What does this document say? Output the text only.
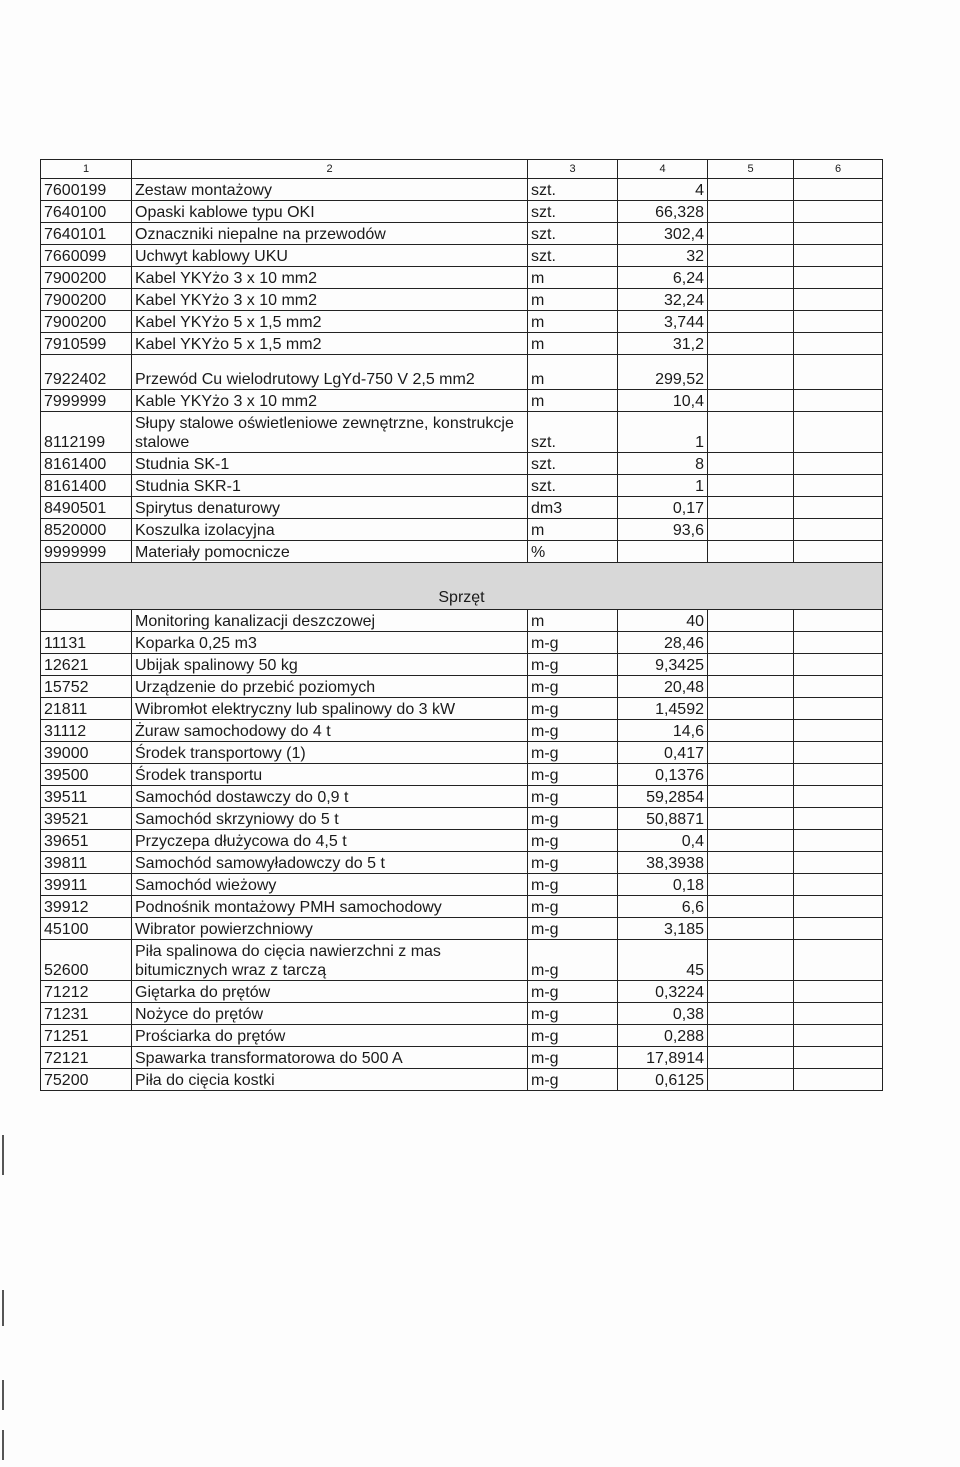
1	2	3	4	5	6
7600199	Zestaw montażowy	szt.	4		
7640100	Opaski kablowe typu OKI	szt.	66,328		
7640101	Oznaczniki niepalne na przewodów	szt.	302,4		
7660099	Uchwyt kablowy UKU	szt.	32		
7900200	Kabel YKYżo 3 x 10 mm2	m	6,24		
7900200	Kabel YKYżo 3 x 10 mm2	m	32,24		
7900200	Kabel YKYżo 5 x 1,5 mm2	m	3,744		
7910599	Kabel YKYżo 5 x 1,5 mm2	m	31,2		
7922402	Przewód Cu wielodrutowy LgYd-750 V 2,5 mm2	m	299,52		
7999999	Kable YKYżo 3 x 10 mm2	m	10,4		
8112199	Słupy stalowe oświetleniowe zewnętrzne, konstrukcje stalowe	szt.	1		
8161400	Studnia SK-1	szt.	8		
8161400	Studnia SKR-1	szt.	1		
8490501	Spirytus denaturowy	dm3	0,17		
8520000	Koszulka izolacyjna	m	93,6		
9999999	Materiały pomocnicze	%			
Sprzęt					
	Monitoring kanalizacji deszczowej	m	40		
11131	Koparka 0,25 m3	m-g	28,46		
12621	Ubijak spalinowy 50 kg	m-g	9,3425		
15752	Urządzenie do przebić poziomych	m-g	20,48		
21811	Wibromłot elektryczny lub spalinowy do 3 kW	m-g	1,4592		
31112	Żuraw samochodowy do 4 t	m-g	14,6		
39000	Środek transportowy (1)	m-g	0,417		
39500	Środek transportu	m-g	0,1376		
39511	Samochód dostawczy do 0,9 t	m-g	59,2854		
39521	Samochód skrzyniowy do 5 t	m-g	50,8871		
39651	Przyczepa dłużycowa do 4,5 t	m-g	0,4		
39811	Samochód samowyładowczy do 5 t	m-g	38,3938		
39911	Samochód wieżowy	m-g	0,18		
39912	Podnośnik montażowy PMH samochodowy	m-g	6,6		
45100	Wibrator powierzchniowy	m-g	3,185		
52600	Piła spalinowa do cięcia nawierzchni z mas bitumicznych wraz z tarczą	m-g	45		
71212	Giętarka do prętów	m-g	0,3224		
71231	Nożyce do prętów	m-g	0,38		
71251	Prościarka do prętów	m-g	0,288		
72121	Spawarka transformatorowa do 500 A	m-g	17,8914		
75200	Piła do cięcia kostki	m-g	0,6125		
